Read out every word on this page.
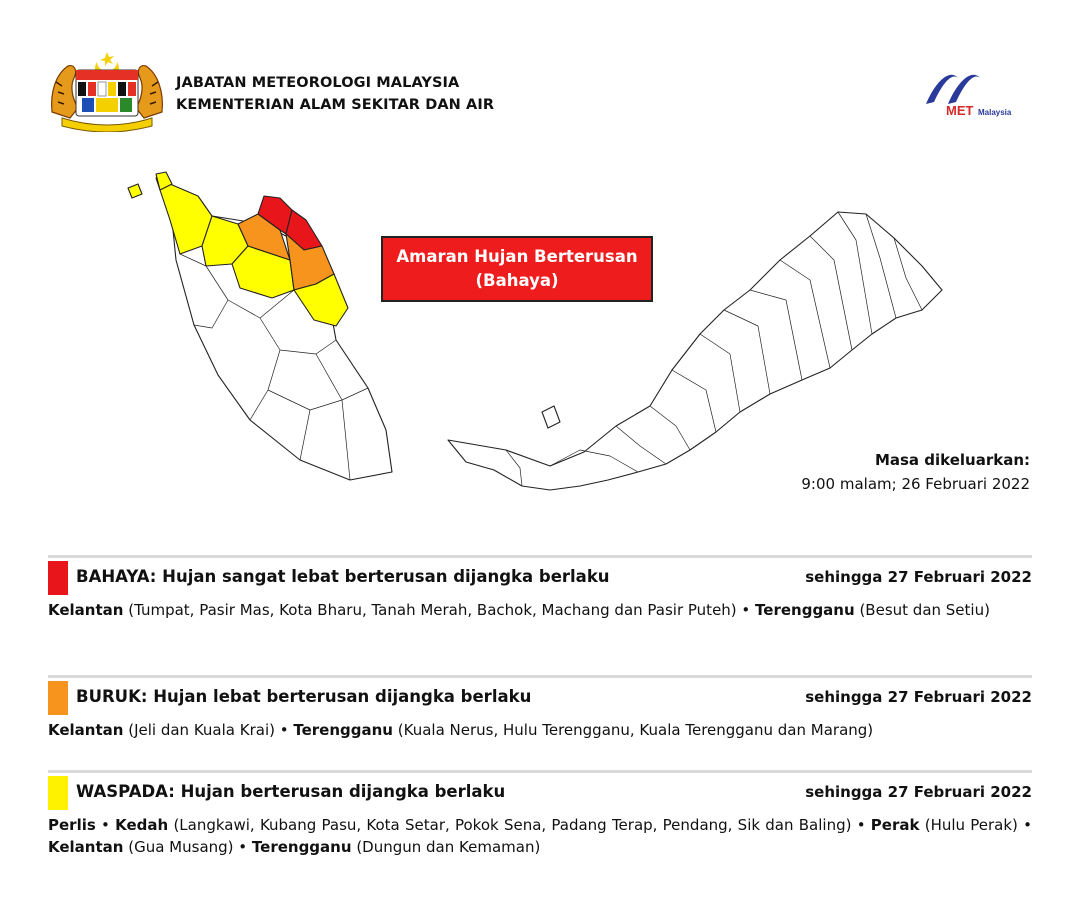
JABATAN METEOROLOGI MALAYSIA
KEMENTERIAN ALAM SEKITAR DAN AIR	MET Malaysia
Amaran Hujan Berterusan
(Bahaya)
Masa dikeluarkan:
9:00 malam; 26 Februari 2022
BAHAYA: Hujan sangat lebat berterusan dijangka berlaku	sehingga 27 Februari 2022
Kelantan (Tumpat, Pasir Mas, Kota Bharu, Tanah Merah, Bachok, Machang dan Pasir Puteh) • Terengganu (Besut dan Setiu)
BURUK: Hujan lebat berterusan dijangka berlaku	sehingga 27 Februari 2022
Kelantan (Jeli dan Kuala Krai) • Terengganu (Kuala Nerus, Hulu Terengganu, Kuala Terengganu dan Marang)
WASPADA: Hujan berterusan dijangka berlaku	sehingga 27 Februari 2022
Perlis • Kedah (Langkawi, Kubang Pasu, Kota Setar, Pokok Sena, Padang Terap, Pendang, Sik dan Baling) • Perak (Hulu Perak) • Kelantan (Gua Musang) • Terengganu (Dungun dan Kemaman)
